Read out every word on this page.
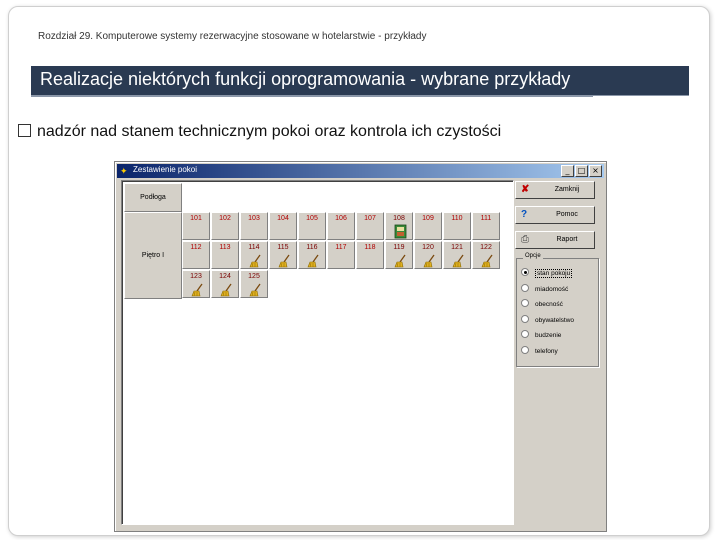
Rozdział 29. Komputerowe systemy rezerwacyjne stosowane w hotelarstwie - przykłady
Realizacje niektórych funkcji oprogramowania - wybrane przykłady
nadzór nad stanem technicznym pokoi oraz kontrola ich czystości
✦ Zestawienie pokoi	_	□ ×
Podłoga
Piętro I
101	102	103	104	105	106	107	108	109	110	111
112	113	114	115	116	117	118	119	120	121	122
123	124	125
✘	Zamknij
?	Pomoc
⎙	Raport
Opcje
stan pokoju
miadomość
obecność
obywatelstwo
budzenie
telefony
